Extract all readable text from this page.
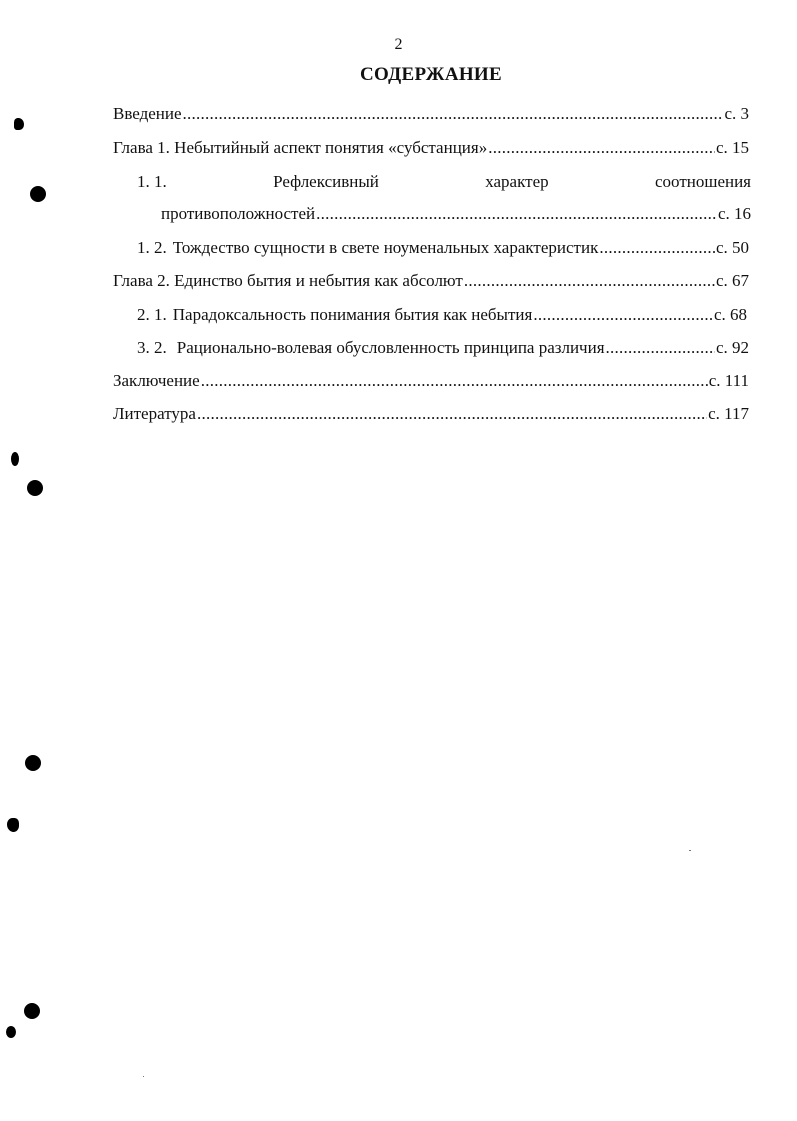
2
СОДЕРЖАНИЕ
Введение . . .	с. 3
Глава 1. Небытийный аспект понятия «субстанция» . . .	с. 15
1. 1.	Рефлексивный	характер	соотношения
противоположностей . . .	с. 16
1. 2. Тождество сущности в свете ноуменальных характеристик . . .	с. 50
Глава 2. Единство бытия и небытия как абсолют . . .	с. 67
2. 1. Парадоксальность понимания бытия как небытия . . .	с. 68
3. 2. Рационально-волевая обусловленность принципа различия . . .	с. 92
Заключение . . .	с. 111
Литература . . .	с. 117
